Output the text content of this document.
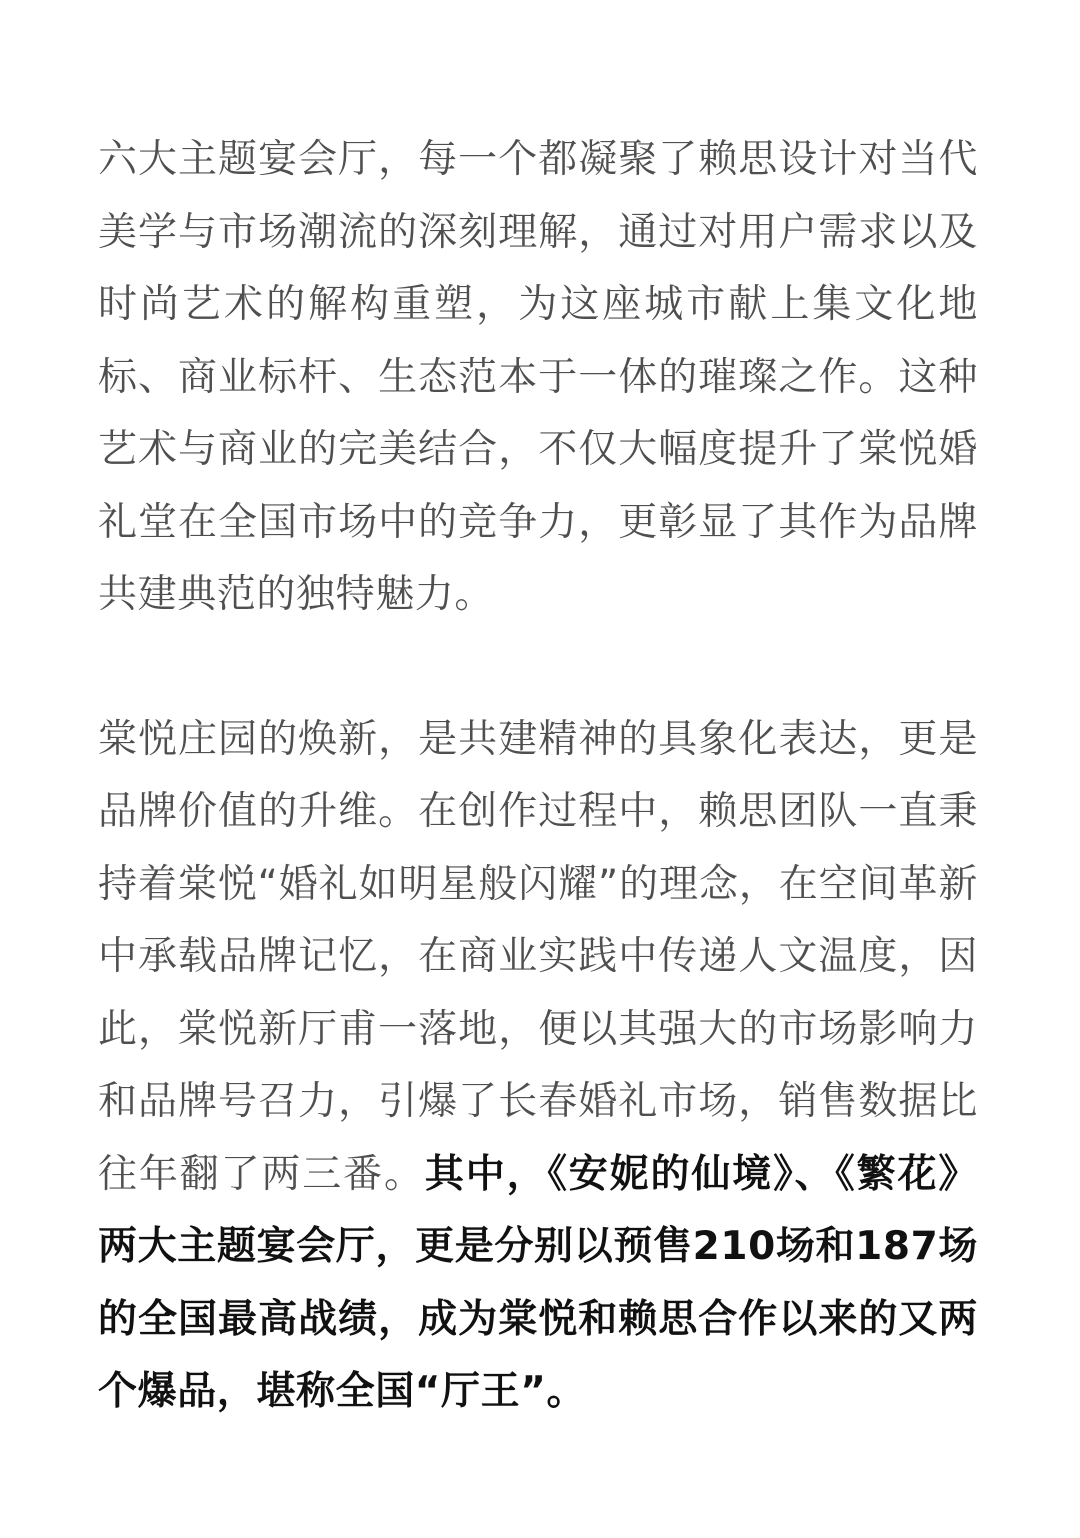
六大主题宴会厅，每一个都凝聚了赖思设计对当代美学与市场潮流的深刻理解，通过对用户需求以及时尚艺术的解构重塑，为这座城市献上集文化地标、商业标杆、生态范本于一体的璀璨之作。这种艺术与商业的完美结合，不仅大幅度提升了棠悦婚礼堂在全国市场中的竞争力，更彰显了其作为品牌共建典范的独特魅力。

棠悦庄园的焕新，是共建精神的具象化表达，更是品牌价值的升维。在创作过程中，赖思团队一直秉持着棠悦“婚礼如明星般闪耀”的理念，在空间革新中承载品牌记忆，在商业实践中传递人文温度，因此，棠悦新厅甫一落地，便以其强大的市场影响力和品牌号召力，引爆了长春婚礼市场，销售数据比往年翻了两三番。其中，《安妮的仙境》、《繁花》两大主题宴会厅，更是分别以预售210场和187场的全国最高战绩，成为棠悦和赖思合作以来的又两个爆品，堪称全国“厅王”。
